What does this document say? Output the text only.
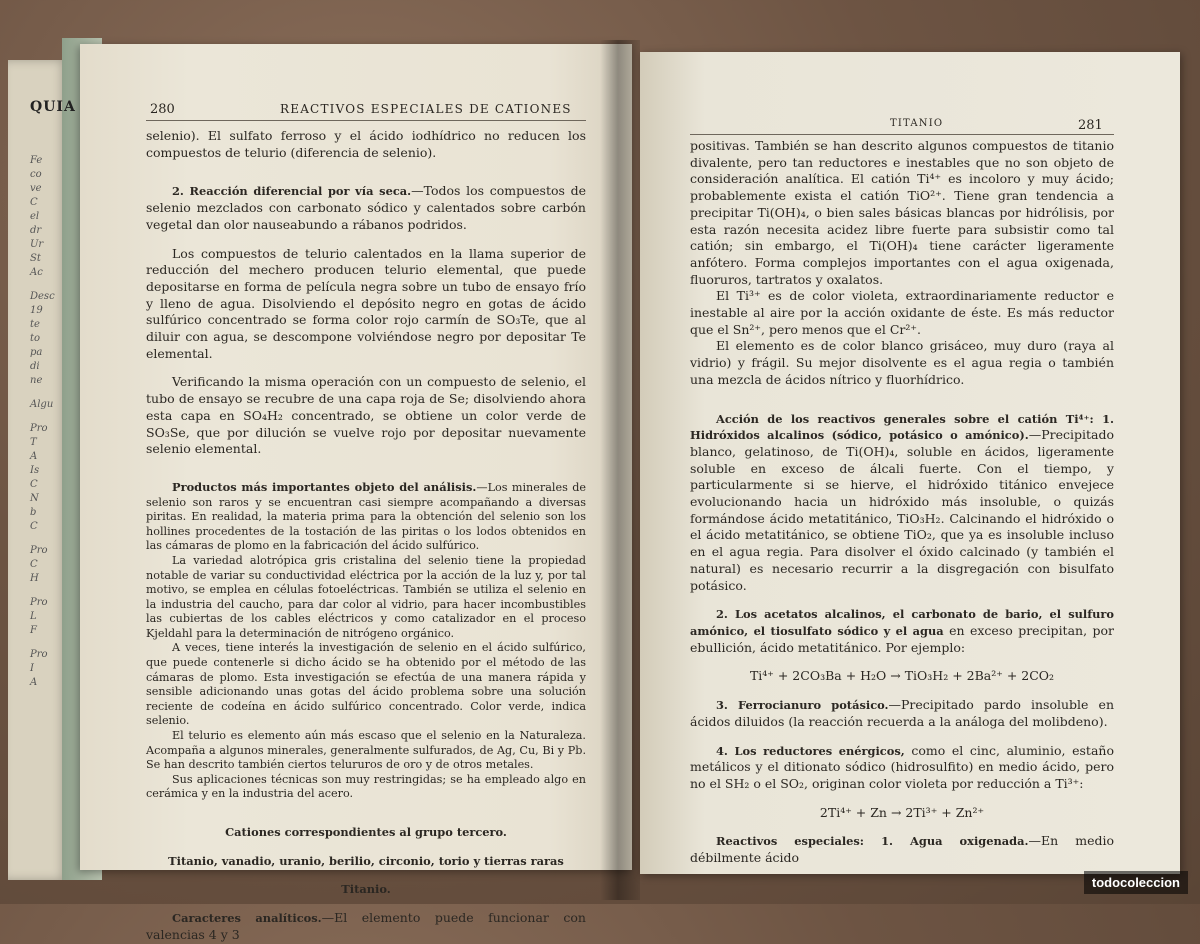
QUIA
Fe
co
ve
C
el
dr
Ur
St
Ac
Desc
19
te
to
pa
di
ne
Algu
Pro
T
A
Is
C
N
b
C
Pro
C
H
Pro
L
F
Pro
I
A
280	REACTIVOS ESPECIALES DE CATIONES

selenio). El sulfato ferroso y el ácido iodhídrico no reducen los compuestos de telurio (diferencia de selenio).

2. Reacción diferencial por vía seca.—Todos los compuestos de selenio mezclados con carbonato sódico y calentados sobre carbón vegetal dan olor nauseabundo a rábanos podridos.

Los compuestos de telurio calentados en la llama superior de reducción del mechero producen telurio elemental, que puede depositarse en forma de película negra sobre un tubo de ensayo frío y lleno de agua. Disolviendo el depósito negro en gotas de ácido sulfúrico concentrado se forma color rojo carmín de SO₃Te, que al diluir con agua, se descompone volviéndose negro por depositar Te elemental.

Verificando la misma operación con un compuesto de selenio, el tubo de ensayo se recubre de una capa roja de Se; disolviendo ahora esta capa en SO₄H₂ concentrado, se obtiene un color verde de SO₃Se, que por dilución se vuelve rojo por depositar nuevamente selenio elemental.

Productos más importantes objeto del análisis.—Los minerales de selenio son raros y se encuentran casi siempre acompañando a diversas piritas. En realidad, la materia prima para la obtención del selenio son los hollines procedentes de la tostación de las piritas o los lodos obtenidos en las cámaras de plomo en la fabricación del ácido sulfúrico.

La variedad alotrópica gris cristalina del selenio tiene la propiedad notable de variar su conductividad eléctrica por la acción de la luz y, por tal motivo, se emplea en células fotoeléctricas. También se utiliza el selenio en la industria del caucho, para dar color al vidrio, para hacer incombustibles las cubiertas de los cables eléctricos y como catalizador en el proceso Kjeldahl para la determinación de nitrógeno orgánico.

A veces, tiene interés la investigación de selenio en el ácido sulfúrico, que puede contenerle si dicho ácido se ha obtenido por el método de las cámaras de plomo. Esta investigación se efectúa de una manera rápida y sensible adicionando unas gotas del ácido problema sobre una solución reciente de codeína en ácido sulfúrico concentrado. Color verde, indica selenio.

El telurio es elemento aún más escaso que el selenio en la Naturaleza. Acompaña a algunos minerales, generalmente sulfurados, de Ag, Cu, Bi y Pb. Se han descrito también ciertos telururos de oro y de otros metales.

Sus aplicaciones técnicas son muy restringidas; se ha empleado algo en cerámica y en la industria del acero.

Cationes correspondientes al grupo tercero.

Titanio, vanadio, uranio, berilio, circonio, torio y tierras raras

Titanio.

Caracteres analíticos.—El elemento puede funcionar con valencias 4 y 3

TITANIO	281

positivas. También se han descrito algunos compuestos de titanio divalente, pero tan reductores e inestables que no son objeto de consideración analítica. El catión Ti⁴⁺ es incoloro y muy ácido; probablemente exista el catión TiO²⁺. Tiene gran tendencia a precipitar Ti(OH)₄, o bien sales básicas blancas por hidrólisis, por esta razón necesita acidez libre fuerte para subsistir como tal catión; sin embargo, el Ti(OH)₄ tiene carácter ligeramente anfótero. Forma complejos importantes con el agua oxigenada, fluoruros, tartratos y oxalatos.

El Ti³⁺ es de color violeta, extraordinariamente reductor e inestable al aire por la acción oxidante de éste. Es más reductor que el Sn²⁺, pero menos que el Cr²⁺.

El elemento es de color blanco grisáceo, muy duro (raya al vidrio) y frágil. Su mejor disolvente es el agua regia o también una mezcla de ácidos nítrico y fluorhídrico.

Acción de los reactivos generales sobre el catión Ti⁴⁺: 1. Hidróxidos alcalinos (sódico, potásico o amónico).—Precipitado blanco, gelatinoso, de Ti(OH)₄, soluble en ácidos, ligeramente soluble en exceso de álcali fuerte. Con el tiempo, y particularmente si se hierve, el hidróxido titánico envejece evolucionando hacia un hidróxido más insoluble, o quizás formándose ácido metatitánico, TiO₃H₂. Calcinando el hidróxido o el ácido metatitánico, se obtiene TiO₂, que ya es insoluble incluso en el agua regia. Para disolver el óxido calcinado (y también el natural) es necesario recurrir a la disgregación con bisulfato potásico.

2. Los acetatos alcalinos, el carbonato de bario, el sulfuro amónico, el tiosulfato sódico y el agua en exceso precipitan, por ebullición, ácido metatitánico. Por ejemplo:

Ti⁴⁺ + 2CO₃Ba + H₂O → TiO₃H₂ + 2Ba²⁺ + 2CO₂

3. Ferrocianuro potásico.—Precipitado pardo insoluble en ácidos diluidos (la reacción recuerda a la análoga del molibdeno).

4. Los reductores enérgicos, como el cinc, aluminio, estaño metálicos y el ditionato sódico (hidrosulfito) en medio ácido, pero no el SH₂ o el SO₂, originan color violeta por reducción a Ti³⁺:

2Ti⁴⁺ + Zn → 2Ti³⁺ + Zn²⁺

Reactivos especiales: 1. Agua oxigenada.—En medio débilmente ácido

todocoleccion
